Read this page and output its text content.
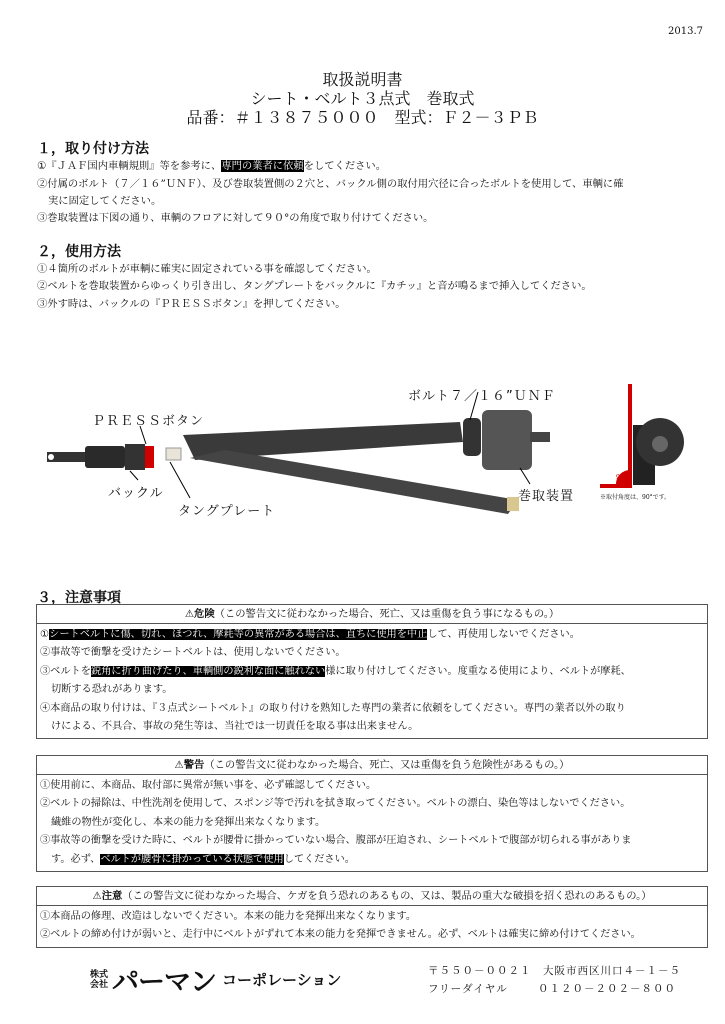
2013.7
取扱説明書
シート・ベルト３点式　巻取式
品番：＃１３８７５０００　型式：Ｆ２－３ＰＢ
１，取り付け方法
①『ＪＡＦ国内車輌規則』等を参考に、専門の業者に依頼をしてください。
②付属のボルト（７／１６”ＵＮＦ）、及び巻取装置側の２穴と、バックル側の取付用穴径に合ったボルトを使用して、車輌に確
実に固定してください。
③巻取装置は下図の通り、車輌のフロアに対して９０°の角度で取り付けてください。
２，使用方法
①４箇所のボルトが車輌に確実に固定されている事を確認してください。
②ベルトを巻取装置からゆっくり引き出し、タングプレートをバックルに『カチッ』と音が鳴るまで挿入してください。
③外す時は、バックルの『ＰＲＥＳＳボタン』を押してください。
ＰＲＥＳＳボタン
バックル
タングプレート
ボルト７／１６”ＵＮＦ
巻取装置
90°
※取付角度は、90°です。
３，注意事項
⚠危険（この警告文に従わなかった場合、死亡、又は重傷を負う事になるもの。）
①シートベルトに傷、切れ、ほつれ、摩耗等の異常がある場合は、直ちに使用を中止して、再使用しないでください。
②事故等で衝撃を受けたシートベルトは、使用しないでください。
③ベルトを鋭角に折り曲げたり、車輌側の鋭利な面に触れない様に取り付けしてください。度重なる使用により、ベルトが摩耗、
切断する恐れがあります。
④本商品の取り付けは、『３点式シートベルト』の取り付けを熟知した専門の業者に依頼をしてください。専門の業者以外の取り
けによる、不具合、事故の発生等は、当社では一切責任を取る事は出来ません。
⚠警告（この警告文に従わなかった場合、死亡、又は重傷を負う危険性があるもの。）
①使用前に、本商品、取付部に異常が無い事を、必ず確認してください。
②ベルトの掃除は、中性洗剤を使用して、スポンジ等で汚れを拭き取ってください。ベルトの漂白、染色等はしないでください。
繊維の物性が変化し、本来の能力を発揮出来なくなります。
③事故等の衝撃を受けた時に、ベルトが腰骨に掛かっていない場合、腹部が圧迫され、シートベルトで腹部が切られる事がありま
す。必ず、ベルトが腰骨に掛かっている状態で使用してください。
⚠注意（この警告文に従わなかった場合、ケガを負う恐れのあるもの、又は、製品の重大な破損を招く恐れのあるもの。）
①本商品の修理、改造はしないでください。本来の能力を発揮出来なくなります。
②ベルトの締め付けが弱いと、走行中にベルトがずれて本来の能力を発揮できません。必ず、ベルトは確実に締め付けてください。
株式会社 パーマン コーポレーション	〒５５０－００２１　大阪市西区川口４－１－５
フリーダイヤル	０１２０－２０２－８００
